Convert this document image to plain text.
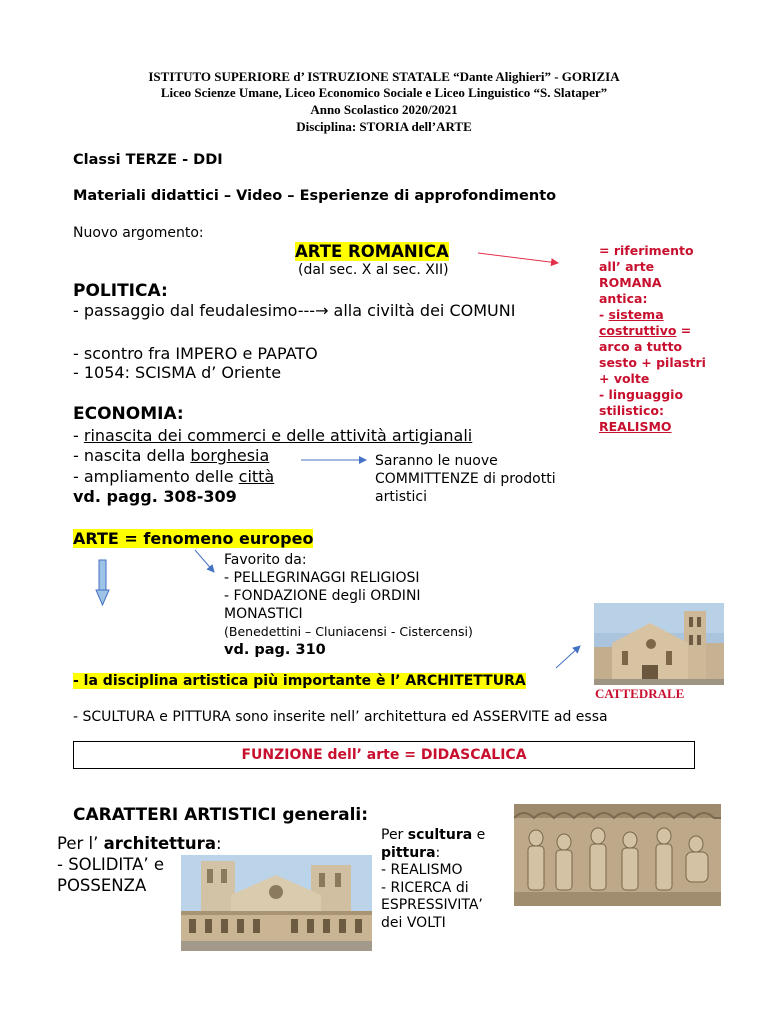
ISTITUTO SUPERIORE d’ ISTRUZIONE STATALE “Dante Alighieri” - GORIZIA
Liceo Scienze Umane, Liceo Economico Sociale e Liceo Linguistico “S. Slataper”
Anno Scolastico 2020/2021
Disciplina: STORIA dell’ARTE
Classi TERZE - DDI
Materiali didattici – Video – Esperienze di approfondimento
Nuovo argomento:
ARTE ROMANICA
(dal sec. X al sec. XII)
= riferimento
all’ arte
ROMANA
antica:
- sistema
costruttivo =
arco a tutto
sesto + pilastri
+ volte
- linguaggio
stilistico:
REALISMO
POLITICA:
- passaggio dal feudalesimo---→ alla civiltà dei COMUNI
- scontro fra IMPERO e PAPATO
- 1054: SCISMA d’ Oriente
ECONOMIA:
- rinascita dei commerci e delle attività artigianali
- nascita della borghesia
- ampliamento delle città
vd. pagg. 308-309
Saranno le nuove
COMMITTENZE di prodotti
artistici
ARTE = fenomeno europeo
Favorito da:
- PELLEGRINAGGI RELIGIOSI
- FONDAZIONE degli ORDINI
MONASTICI
(Benedettini – Cluniacensi - Cistercensi)
vd. pag. 310
CATTEDRALE
- la disciplina artistica più importante è l’ ARCHITETTURA
- SCULTURA e PITTURA sono inserite nell’ architettura ed ASSERVITE ad essa
FUNZIONE dell’ arte = DIDASCALICA
CARATTERI ARTISTICI generali:
Per l’ architettura:
- SOLIDITA’ e
POSSENZA
Per scultura e
pittura:
- REALISMO
- RICERCA di
ESPRESSIVITA’
dei VOLTI
